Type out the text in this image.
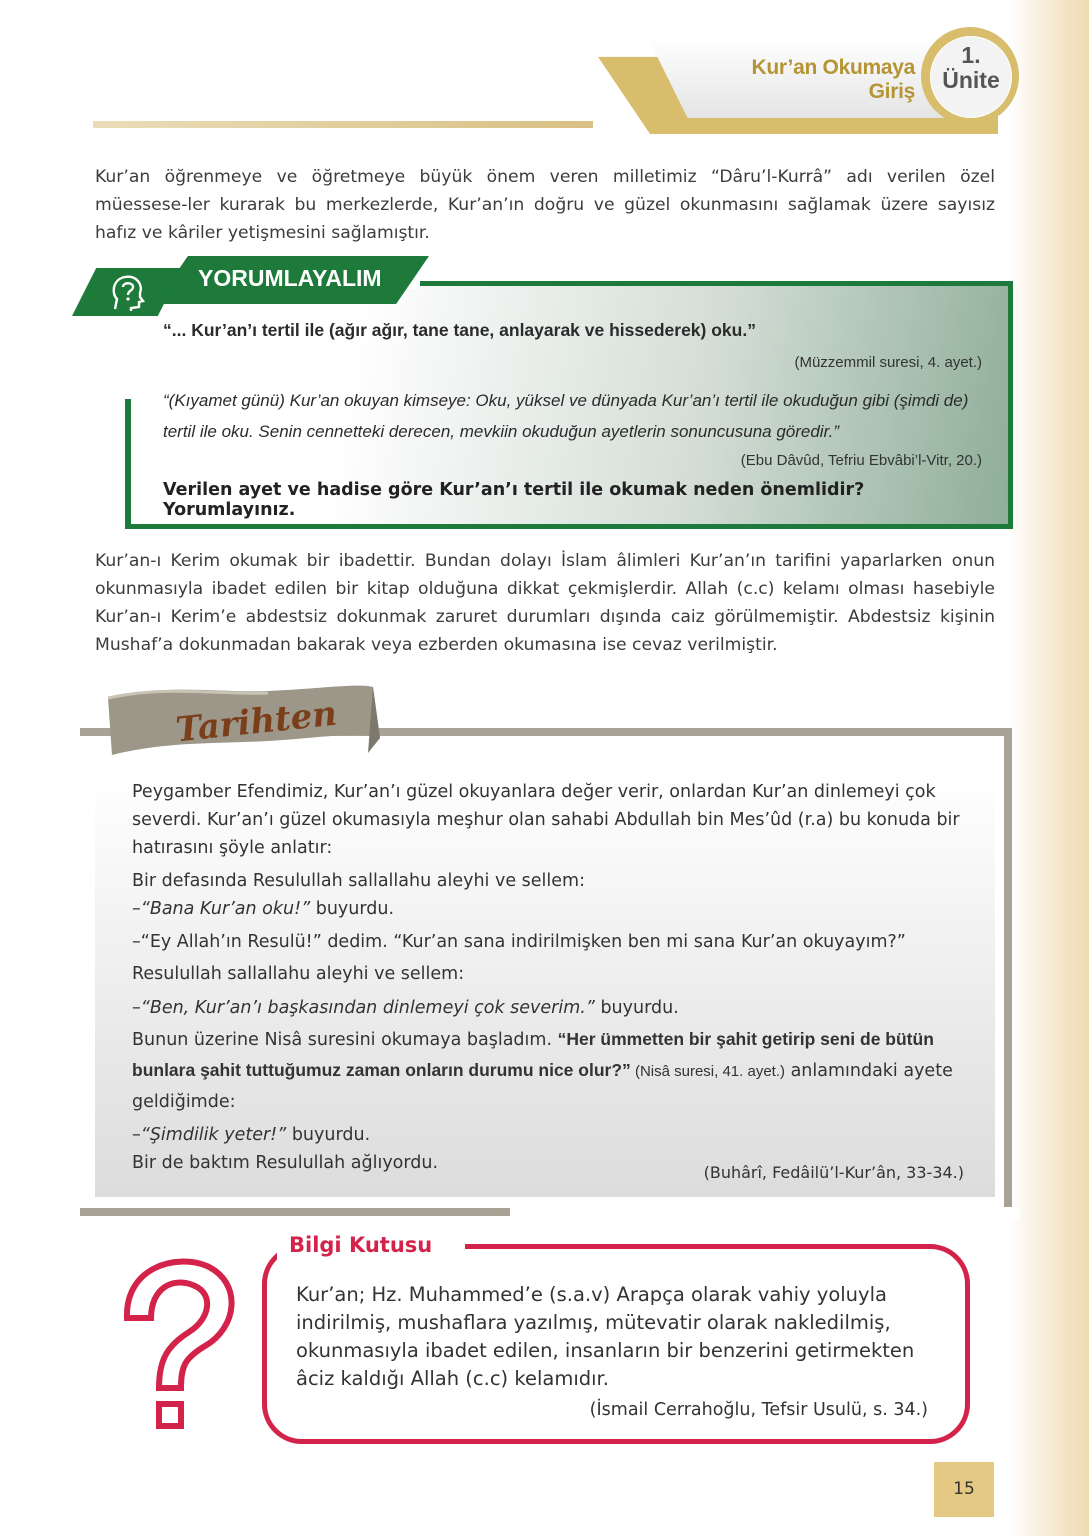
Kur’an Okumaya Giriş
1.
Ünite

Kur’an öğrenmeye ve öğretmeye büyük önem veren milletimiz “Dâru’l-Kurrâ” adı verilen özel müessese-ler kurarak bu merkezlerde, Kur’an’ın doğru ve güzel okunmasını sağlamak üzere sayısız hafız ve kâriler yetişmesini sağlamıştır.

YORUMLAYALIM
“... Kur’an’ı tertil ile (ağır ağır, tane tane, anlayarak ve hissederek) oku.”
(Müzzemmil suresi, 4. ayet.)

“(Kıyamet günü) Kur’an okuyan kimseye: Oku, yüksel ve dünyada Kur’an’ı tertil ile okuduğun gibi (şimdi de) tertil ile oku. Senin cennetteki derecen, mevkiin okuduğun ayetlerin sonuncusuna göredir.”

(Ebu Dâvûd, Tefriu Ebvâbi’l-Vitr, 20.)
Verilen ayet ve hadise göre Kur’an’ı tertil ile okumak neden önemlidir? Yorumlayınız.

Kur’an-ı Kerim okumak bir ibadettir. Bundan dolayı İslam âlimleri Kur’an’ın tarifini yaparlarken onun okunmasıyla ibadet edilen bir kitap olduğuna dikkat çekmişlerdir. Allah (c.c) kelamı olması hasebiyle Kur’an-ı Kerim’e abdestsiz dokunmak zaruret durumları dışında caiz görülmemiştir. Abdestsiz kişinin Mushaf’a dokunmadan bakarak veya ezberden okumasına ise cevaz verilmiştir.

Tarihten

Peygamber Efendimiz, Kur’an’ı güzel okuyanlara değer verir, onlardan Kur’an dinlemeyi çok severdi. Kur’an’ı güzel okumasıyla meşhur olan sahabi Abdullah bin Mes’ûd (r.a) bu konuda bir hatırasını şöyle anlatır:

Bir defasında Resulullah sallallahu aleyhi ve sellem:

–“Bana Kur’an oku!” buyurdu.

–“Ey Allah’ın Resulü!” dedim. “Kur’an sana indirilmişken ben mi sana Kur’an okuyayım?”

Resulullah sallallahu aleyhi ve sellem:

–“Ben, Kur’an’ı başkasından dinlemeyi çok severim.” buyurdu.

Bunun üzerine Nisâ suresini okumaya başladım. “Her ümmetten bir şahit getirip seni de bütün bunlara şahit tuttuğumuz zaman onların durumu nice olur?” (Nisâ suresi, 41. ayet.) anlamındaki ayete geldiğimde:

–“Şimdilik yeter!” buyurdu.

Bir de baktım Resulullah ağlıyordu.	(Buhârî, Fedâilü’l-Kur’ân, 33-34.)
Bilgi Kutusu

Kur’an; Hz. Muhammed’e (s.a.v) Arapça olarak vahiy yoluyla indirilmiş, mushaflara yazılmış, mütevatir olarak nakledilmiş, okunmasıyla ibadet edilen, insanların bir benzerini getirmekten âciz kaldığı Allah (c.c) kelamıdır.

(İsmail Cerrahoğlu, Tefsir Usulü, s. 34.)
15
